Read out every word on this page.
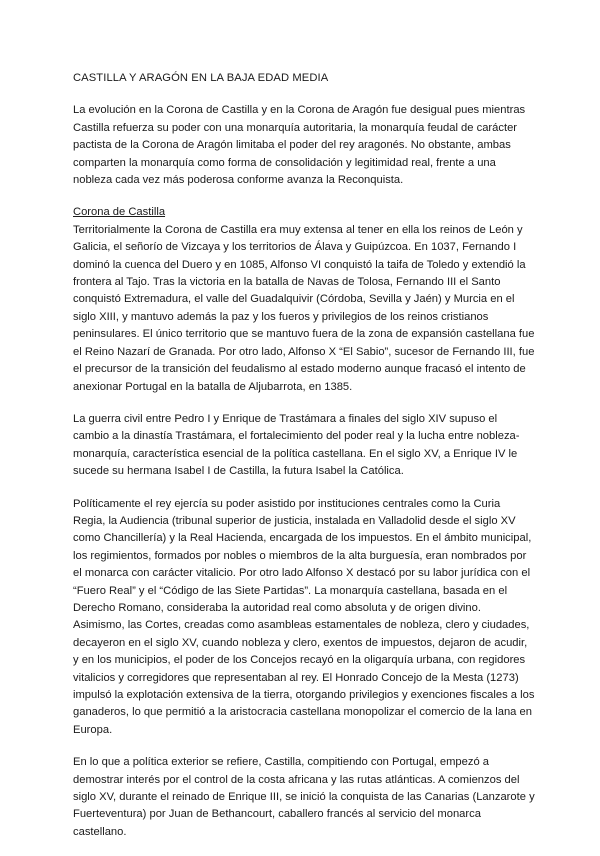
CASTILLA Y ARAGÓN EN LA BAJA EDAD MEDIA

La evolución en la Corona de Castilla y en la Corona de Aragón fue desigual pues mientras Castilla refuerza su poder con una monarquía autoritaria, la monarquía feudal de carácter pactista de la Corona de Aragón limitaba el poder del rey aragonés. No obstante, ambas comparten la monarquía como forma de consolidación y legitimidad real, frente a una nobleza cada vez más poderosa conforme avanza la Reconquista.

Corona de Castilla
Territorialmente la Corona de Castilla era muy extensa al tener en ella los reinos de León y Galicia, el señorío de Vizcaya y los territorios de Álava y Guipúzcoa. En 1037, Fernando I dominó la cuenca del Duero y en 1085, Alfonso VI conquistó la taifa de Toledo y extendió la frontera al Tajo. Tras la victoria en la batalla de Navas de Tolosa, Fernando III el Santo conquistó Extremadura, el valle del Guadalquivir (Córdoba, Sevilla y Jaén) y Murcia en el siglo XIII, y mantuvo además la paz y los fueros y privilegios de los reinos cristianos peninsulares. El único territorio que se mantuvo fuera de la zona de expansión castellana fue el Reino Nazarí de Granada. Por otro lado, Alfonso X “El Sabio”, sucesor de Fernando III, fue el precursor de la transición del feudalismo al estado moderno aunque fracasó el intento de anexionar Portugal en la batalla de Aljubarrota, en 1385.

La guerra civil entre Pedro I y Enrique de Trastámara a finales del siglo XIV supuso el cambio a la dinastía Trastámara, el fortalecimiento del poder real y la lucha entre nobleza-monarquía, característica esencial de la política castellana. En el siglo XV, a Enrique IV le sucede su hermana Isabel I de Castilla, la futura Isabel la Católica.

Políticamente el rey ejercía su poder asistido por instituciones centrales como la Curia Regia, la Audiencia (tribunal superior de justicia, instalada en Valladolid desde el siglo XV como Chancillería) y la Real Hacienda, encargada de los impuestos. En el ámbito municipal, los regimientos, formados por nobles o miembros de la alta burguesía, eran nombrados por el monarca con carácter vitalicio. Por otro lado Alfonso X destacó por su labor jurídica con el “Fuero Real” y el “Código de las Siete Partidas”. La monarquía castellana, basada en el Derecho Romano, consideraba la autoridad real como absoluta y de origen divino. Asimismo, las Cortes, creadas como asambleas estamentales de nobleza, clero y ciudades, decayeron en el siglo XV, cuando nobleza y clero, exentos de impuestos, dejaron de acudir, y en los municipios, el poder de los Concejos recayó en la oligarquía urbana, con regidores vitalicios y corregidores que representaban al rey. El Honrado Concejo de la Mesta (1273) impulsó la explotación extensiva de la tierra, otorgando privilegios y exenciones fiscales a los ganaderos, lo que permitió a la aristocracia castellana monopolizar el comercio de la lana en Europa.

En lo que a política exterior se refiere, Castilla, compitiendo con Portugal, empezó a demostrar interés por el control de la costa africana y las rutas atlánticas. A comienzos del siglo XV, durante el reinado de Enrique III, se inició la conquista de las Canarias (Lanzarote y Fuerteventura) por Juan de Bethancourt, caballero francés al servicio del monarca castellano.
